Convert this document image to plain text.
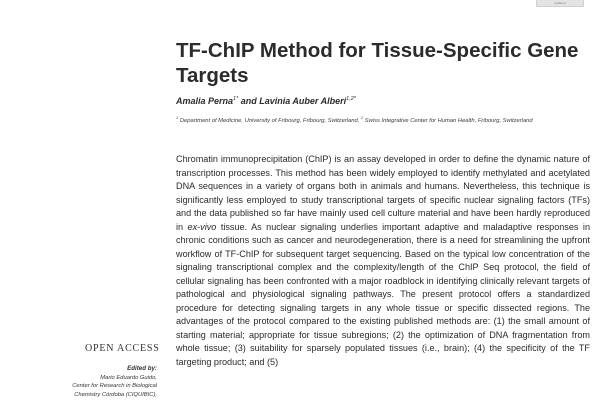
updates
TF-ChIP Method for Tissue-Specific Gene Targets
Amalia Perna$^{1*}$ and Lavinia Auber Alberi$^{1,2*}$
$^1$ Department of Medicine, University of Fribourg, Fribourg, Switzerland, $^2$ Swiss Integrative Center for Human Health, Fribourg, Switzerland

Chromatin immunoprecipitation (ChIP) is an assay developed in order to define the dynamic nature of transcription processes. This method has been widely employed to identify methylated and acetylated DNA sequences in a variety of organs both in animals and humans. Nevertheless, this technique is significantly less employed to study transcriptional targets of specific nuclear signaling factors (TFs) and the data published so far have mainly used cell culture material and have been hardly reproduced in ex-vivo tissue. As nuclear signaling underlies important adaptive and maladaptive responses in chronic conditions such as cancer and neurodegeneration, there is a need for streamlining the upfront workflow of TF-ChIP for subsequent target sequencing. Based on the typical low concentration of the signaling transcriptional complex and the complexity/length of the ChIP Seq protocol, the field of cellular signaling has been confronted with a major roadblock in identifying clinically relevant targets of pathological and physiological signaling pathways. The present protocol offers a standardized procedure for detecting signaling targets in any whole tissue or specific dissected regions. The advantages of the protocol compared to the existing published methods are: (1) the small amount of starting material; appropriate for tissue subregions; (2) the optimization of DNA fragmentation from whole tissue; (3) suitability for sparsely populated tissues (i.e., brain); (4) the specificity of the TF targeting product; and (5)

OPEN ACCESS
Edited by:
Mario Eduardo Guido,
Center for Research in Biological
Chemistry Córdoba (CIQUIBIC),
